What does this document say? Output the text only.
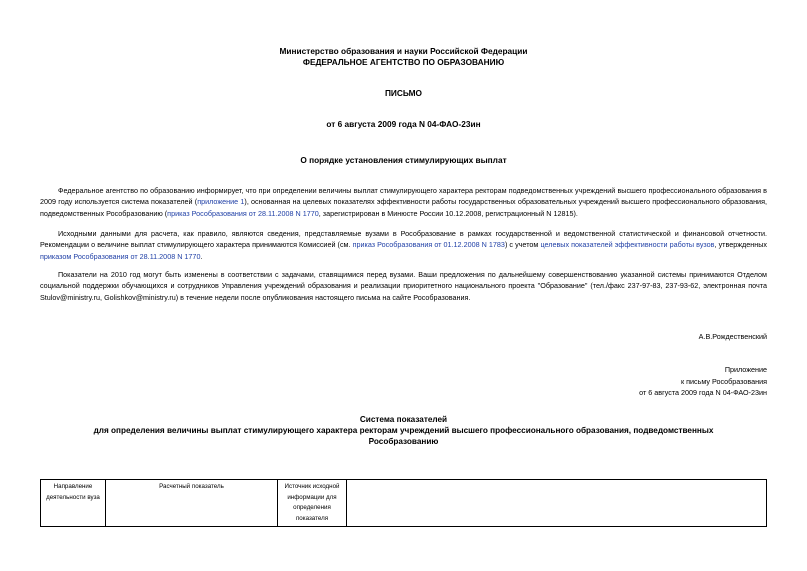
Министерство образования и науки Российской Федерации
ФЕДЕРАЛЬНОЕ АГЕНТСТВО ПО ОБРАЗОВАНИЮ
ПИСЬМО
от 6 августа 2009 года N 04-ФАО-23ин
О порядке установления стимулирующих выплат
Федеральное агентство по образованию информирует, что при определении величины выплат стимулирующего характера ректорам подведомственных учреждений высшего профессионального образования в 2009 году используется система показателей (приложение 1), основанная на целевых показателях эффективности работы государственных образовательных учреждений высшего профессионального образования, подведомственных Рособразованию (приказ Рособразования от 28.11.2008 N 1770, зарегистрирован в Минюсте России 10.12.2008, регистрационный N 12815).
Исходными данными для расчета, как правило, являются сведения, представляемые вузами в Рособразование в рамках государственной и ведомственной статистической и финансовой отчетности. Рекомендации о величине выплат стимулирующего характера принимаются Комиссией (см. приказ Рособразования от 01.12.2008 N 1783) с учетом целевых показателей эффективности работы вузов, утвержденных приказом Рособразования от 28.11.2008 N 1770.
Показатели на 2010 год могут быть изменены в соответствии с задачами, ставящимися перед вузами. Ваши предложения по дальнейшему совершенствованию указанной системы принимаются Отделом социальной поддержки обучающихся и сотрудников Управления учреждений образования и реализации приоритетного национального проекта "Образование" (тел./факс 237-97-83, 237-93-62, электронная почта Stulov@ministry.ru, Golishkov@ministry.ru) в течение недели после опубликования настоящего письма на сайте Рособразования.
А.В.Рождественский
Приложение
к письму Рособразования
от 6 августа 2009 года N 04-ФАО-23ин
Система показателей
для определения величины выплат стимулирующего характера ректорам учреждений высшего профессионального образования, подведомственных Рособразованию
Направление деятельности вуза	Расчетный показатель	Источник исходной информации для определения показателя	
